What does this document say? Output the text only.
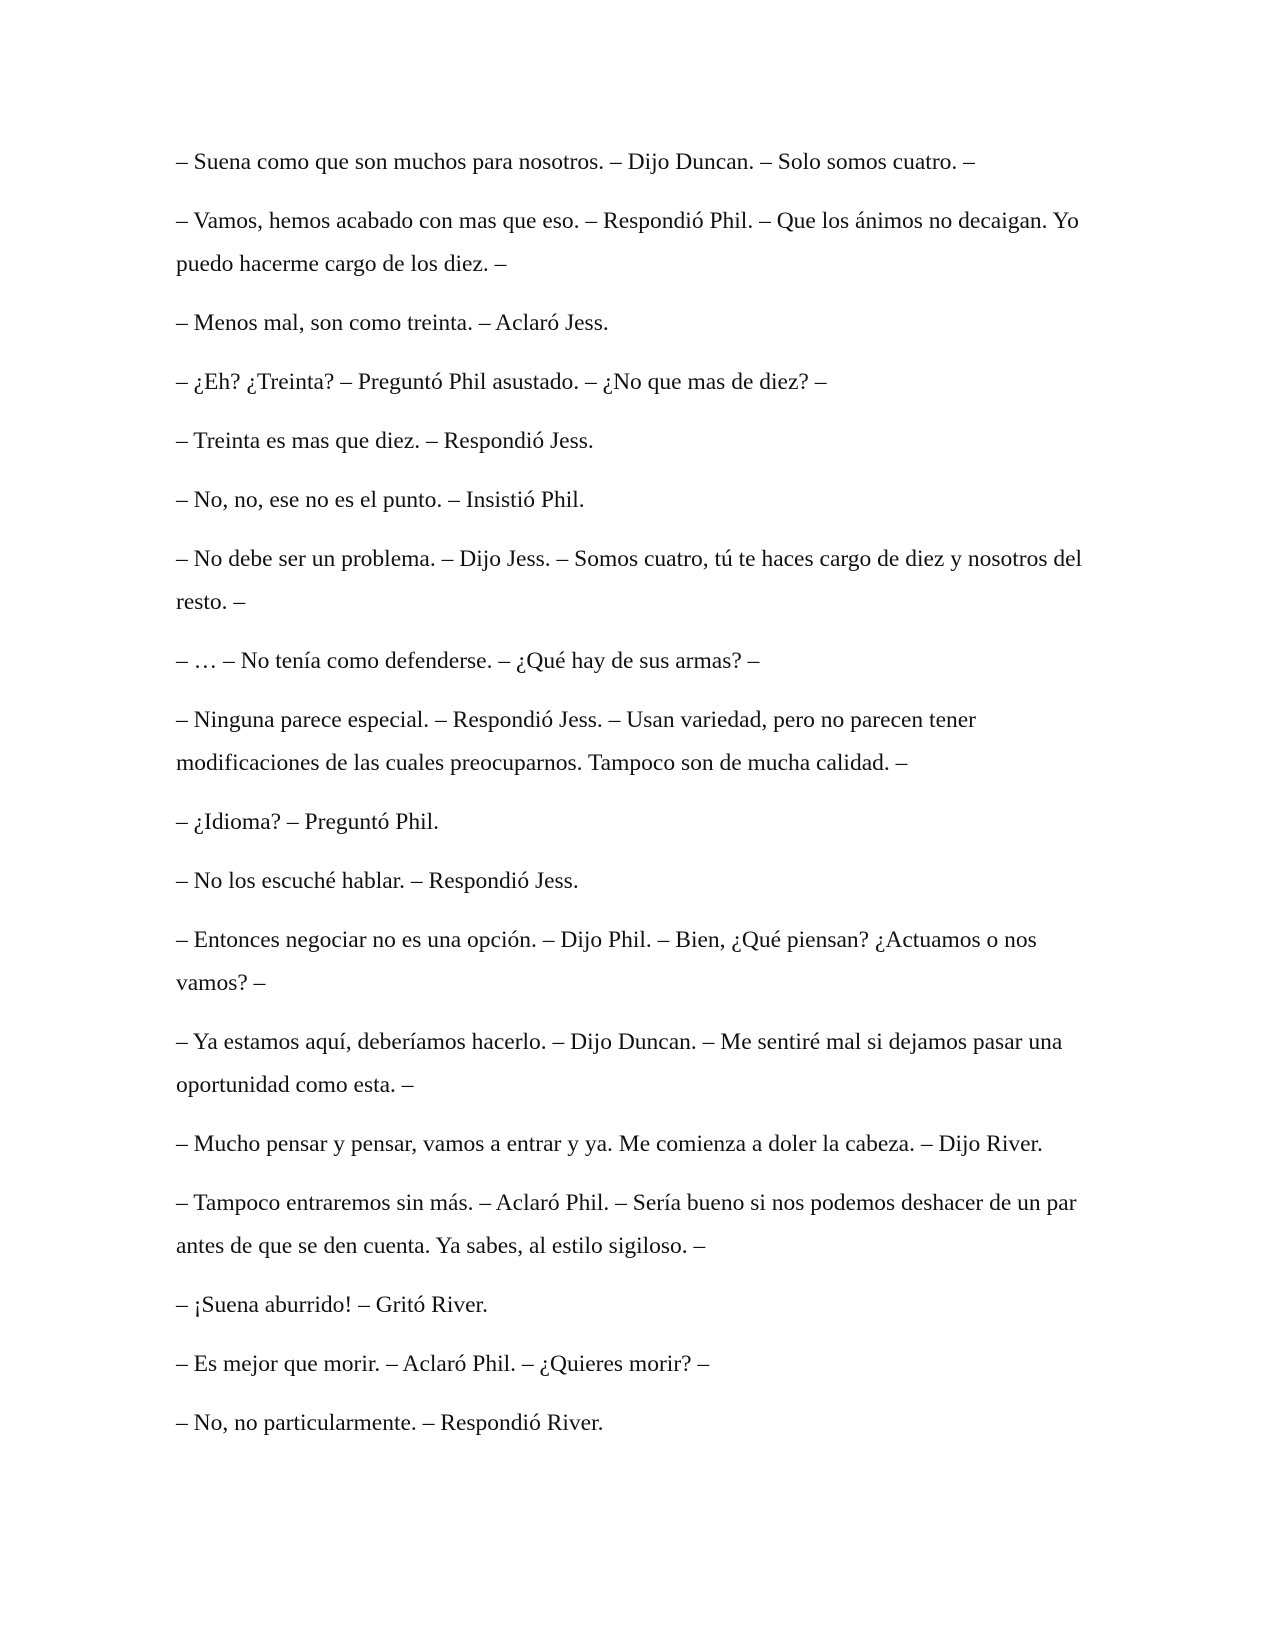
– Suena como que son muchos para nosotros. – Dijo Duncan. – Solo somos cuatro. –

– Vamos, hemos acabado con mas que eso. – Respondió Phil. – Que los ánimos no decaigan. Yo puedo hacerme cargo de los diez. –

– Menos mal, son como treinta. – Aclaró Jess.

– ¿Eh? ¿Treinta? – Preguntó Phil asustado. – ¿No que mas de diez? –

– Treinta es mas que diez. – Respondió Jess.

– No, no, ese no es el punto. – Insistió Phil.

– No debe ser un problema. – Dijo Jess. – Somos cuatro, tú te haces cargo de diez y nosotros del resto. –

– … – No tenía como defenderse. – ¿Qué hay de sus armas? –

– Ninguna parece especial. – Respondió Jess. – Usan variedad, pero no parecen tener modificaciones de las cuales preocuparnos. Tampoco son de mucha calidad. –

– ¿Idioma? – Preguntó Phil.

– No los escuché hablar. – Respondió Jess.

– Entonces negociar no es una opción. – Dijo Phil. – Bien, ¿Qué piensan? ¿Actuamos o nos vamos? –

– Ya estamos aquí, deberíamos hacerlo. – Dijo Duncan. – Me sentiré mal si dejamos pasar una oportunidad como esta. –

– Mucho pensar y pensar, vamos a entrar y ya. Me comienza a doler la cabeza. – Dijo River.

– Tampoco entraremos sin más. – Aclaró Phil. – Sería bueno si nos podemos deshacer de un par antes de que se den cuenta. Ya sabes, al estilo sigiloso. –

– ¡Suena aburrido! – Gritó River.

– Es mejor que morir. – Aclaró Phil. – ¿Quieres morir? –

– No, no particularmente. – Respondió River.
